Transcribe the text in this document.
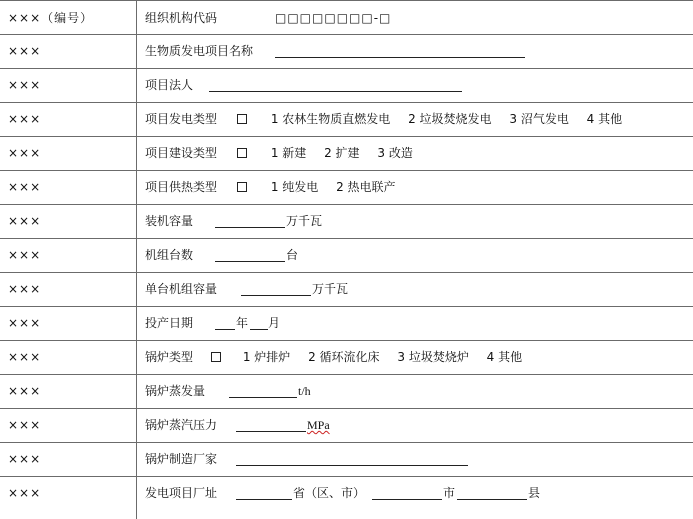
×××（编号）	组织机构代码	□□□□□□□□-□
×××	生物质发电项目名称
×××	项目法人
×××	项目发电类型	1 农林生物质直燃发电 2 垃圾焚烧发电 3 沼气发电 4 其他
×××	项目建设类型	1 新建 2 扩建 3 改造
×××	项目供热类型	1 纯发电 2 热电联产
×××	装机容量	万千瓦
×××	机组台数	台
×××	单台机组容量	万千瓦
×××	投产日期	年 月
×××	锅炉类型	1 炉排炉 2 循环流化床 3 垃圾焚烧炉 4 其他
×××	锅炉蒸发量	t/h
×××	锅炉蒸汽压力	MPa
×××	锅炉制造厂家
×××	发电项目厂址	省（区、市）	市	县
